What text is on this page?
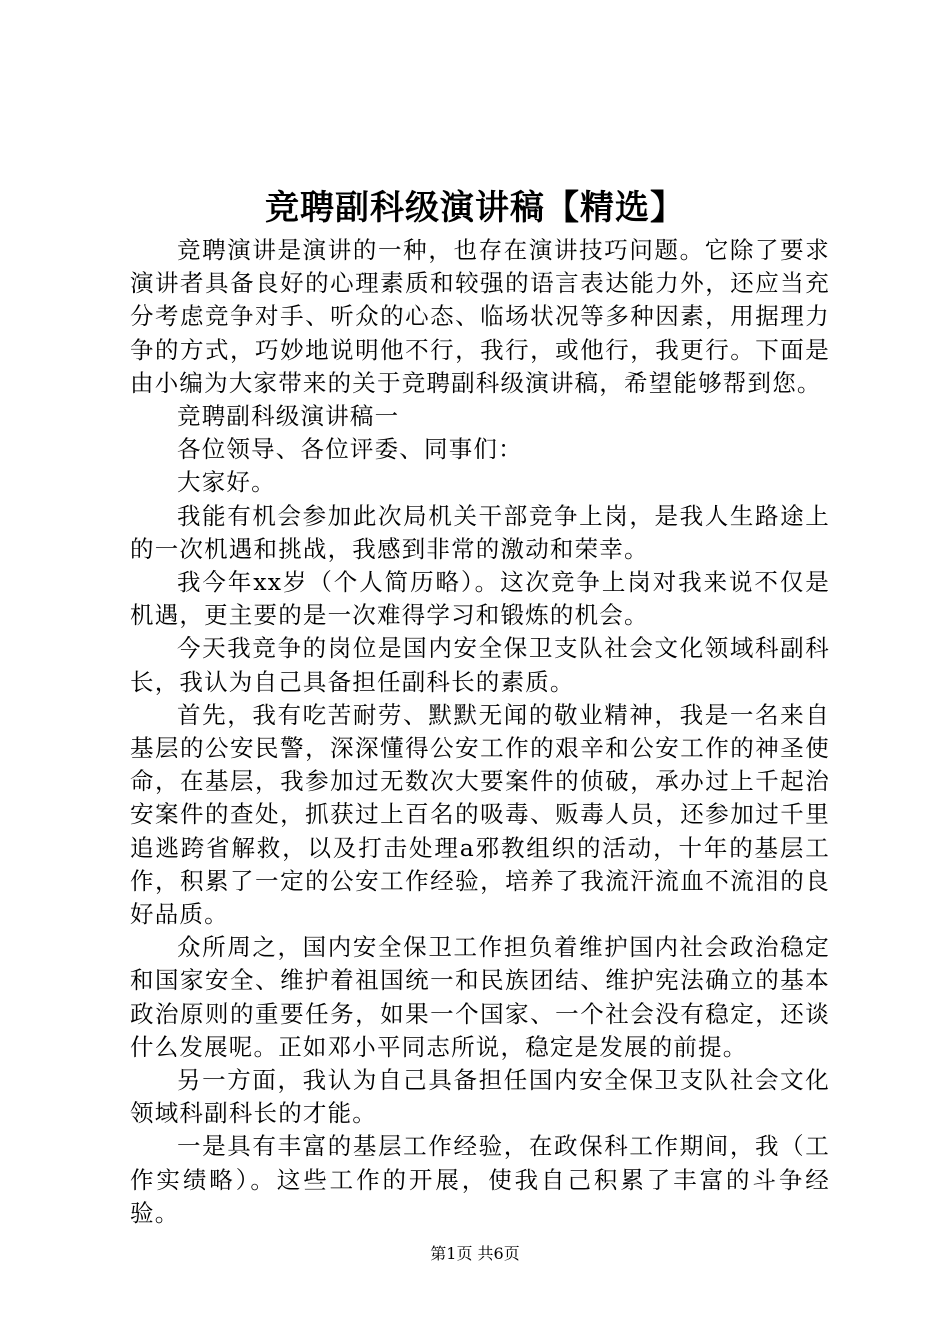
竞聘副科级演讲稿【精选】

竞聘演讲是演讲的一种，也存在演讲技巧问题。它除了要求演讲者具备良好的心理素质和较强的语言表达能力外，还应当充分考虑竞争对手、听众的心态、临场状况等多种因素，用据理力争的方式，巧妙地说明他不行，我行，或他行，我更行。下面是由小编为大家带来的关于竞聘副科级演讲稿，希望能够帮到您。

竞聘副科级演讲稿一

各位领导、各位评委、同事们：

大家好。

我能有机会参加此次局机关干部竞争上岗，是我人生路途上的一次机遇和挑战，我感到非常的激动和荣幸。

我今年xx岁（个人简历略）。这次竞争上岗对我来说不仅是机遇，更主要的是一次难得学习和锻炼的机会。

今天我竞争的岗位是国内安全保卫支队社会文化领域科副科长，我认为自己具备担任副科长的素质。

首先，我有吃苦耐劳、默默无闻的敬业精神，我是一名来自基层的公安民警，深深懂得公安工作的艰辛和公安工作的神圣使命，在基层，我参加过无数次大要案件的侦破，承办过上千起治安案件的查处，抓获过上百名的吸毒、贩毒人员，还参加过千里追逃跨省解救，以及打击处理a邪教组织的活动，十年的基层工作，积累了一定的公安工作经验，培养了我流汗流血不流泪的良好品质。

众所周之，国内安全保卫工作担负着维护国内社会政治稳定和国家安全、维护着祖国统一和民族团结、维护宪法确立的基本政治原则的重要任务，如果一个国家、一个社会没有稳定，还谈什么发展呢。正如邓小平同志所说，稳定是发展的前提。

另一方面，我认为自己具备担任国内安全保卫支队社会文化领域科副科长的才能。

一是具有丰富的基层工作经验，在政保科工作期间，我（工作实绩略）。这些工作的开展，使我自己积累了丰富的斗争经验。

第1页 共6页
